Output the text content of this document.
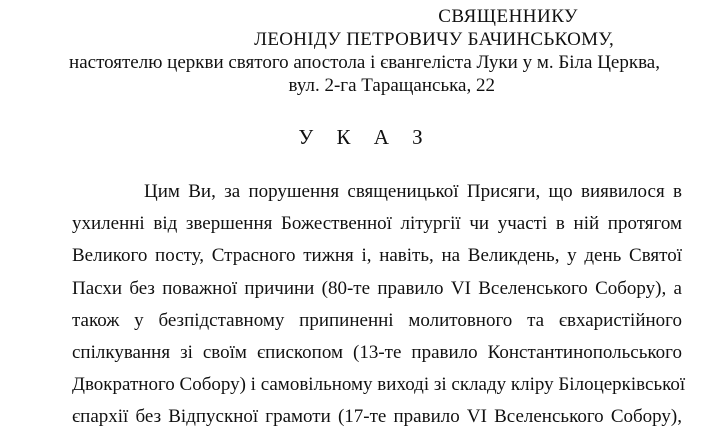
СВЯЩЕННИКУ
ЛЕОНІДУ ПЕТРОВИЧУ БАЧИНСЬКОМУ,
настоятелю церкви святого апостола і євангеліста Луки у м. Біла Церква,
вул. 2-га Таращанська, 22
У К А З
Цим Ви, за порушення священицької Присяги, що виявилося в
ухиленні від звершення Божественної літургії чи участі в ній протягом
Великого посту, Страсного тижня і, навіть, на Великдень, у день Святої
Пасхи без поважної причини (80-те правило VI Вселенського Собору), а
також у безпідставному припиненні молитовного та євхаристійного
спілкування зі своїм єпископом (13-те правило Константинопольського
Двократного Собору) і самовільному виході зі складу кліру Білоцерківської
єпархії без Відпускної грамоти (17-те правило VI Вселенського Собору),
